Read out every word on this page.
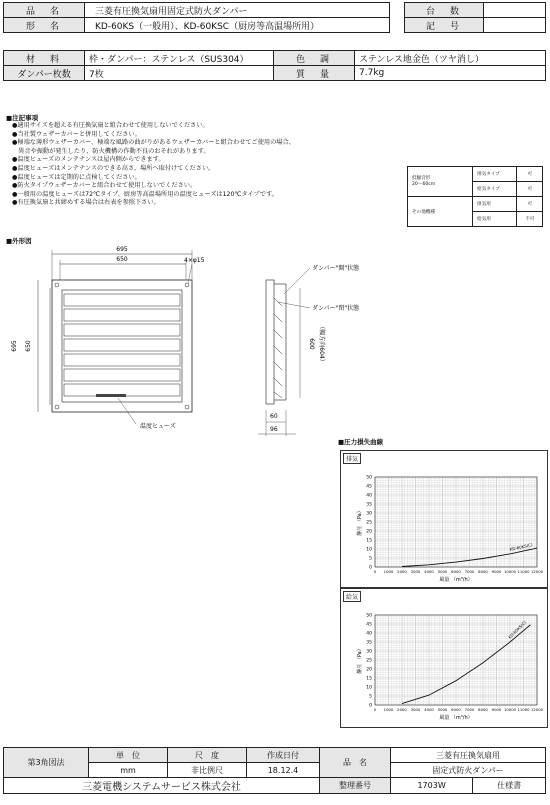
品　名	三菱有圧換気扇用固定式防火ダンパー		台　数	
形　名	KD-60KS（一般用）、KD-60KSC（厨房等高温場所用）		記　号	
材　料	枠・ダンパー：ステンレス（SUS304）	色　調	ステンレス地金色（ツヤ消し）
ダンパー枚数	7枚	質　量	7.7kg
■注記事項
●適用サイズを超える有圧換気扇と組合わせて使用しないでください。
●当社製ウェザーカバーと併用してください。
●極端な薄形ウェザーカバー、極端な風路の曲がりがあるウェザーカバーと組合わせてご使用の場合、
　異音や振動が発生したり、防火機構の作動不良のおそれがあります。
●温度ヒューズのメンテナンスは屋内側からできます。
●温度ヒューズはメンテナンスのできる高さ、場所へ取付けてください。
●温度ヒューズは定期的に点検してください。
●防火タイプウェザーカバーと組合わせて使用しないでください。
●一般用の温度ヒューズは72℃タイプ、厨房等高温場所用の温度ヒューズは120℃タイプです。
●有圧換気扇と共締めする場合は右表を参照下さい。
低騒音形
20～60cm	排気タイプ	可
	給気タイプ	可
その他機種	排気用	可
	給気用	不可
■外形図
695
650
695 650
4×φ15
温度ヒューズ
ダンパー"開"状態
ダンパー"閉"状態
600 （幅方向604）
60
96
■圧力損失曲線
排気
0
5
10
15
20
25
30
35
40
45
50
0 1000 2000 3000 4000 5000 6000 7000 8000 9000 10000 11000 12000
風量 （m³/h）
静圧 （Pa）
KD-60KS(C)
給気
0
5
10
15
20
25
30
35
40
45
50
0 1000 2000 3000 4000 5000 6000 7000 8000 9000 10000 11000 12000
風量 （m³/h）
静圧 （Pa）
KD-60KS(C)
第3角図法	単　位	尺　度	作成日付	品　名	三菱有圧換気扇用	
	mm	非比例尺	18.12.4		固定式防火ダンパー	
三菱電機システムサービス株式会社				整理番号	1703W	仕様書
